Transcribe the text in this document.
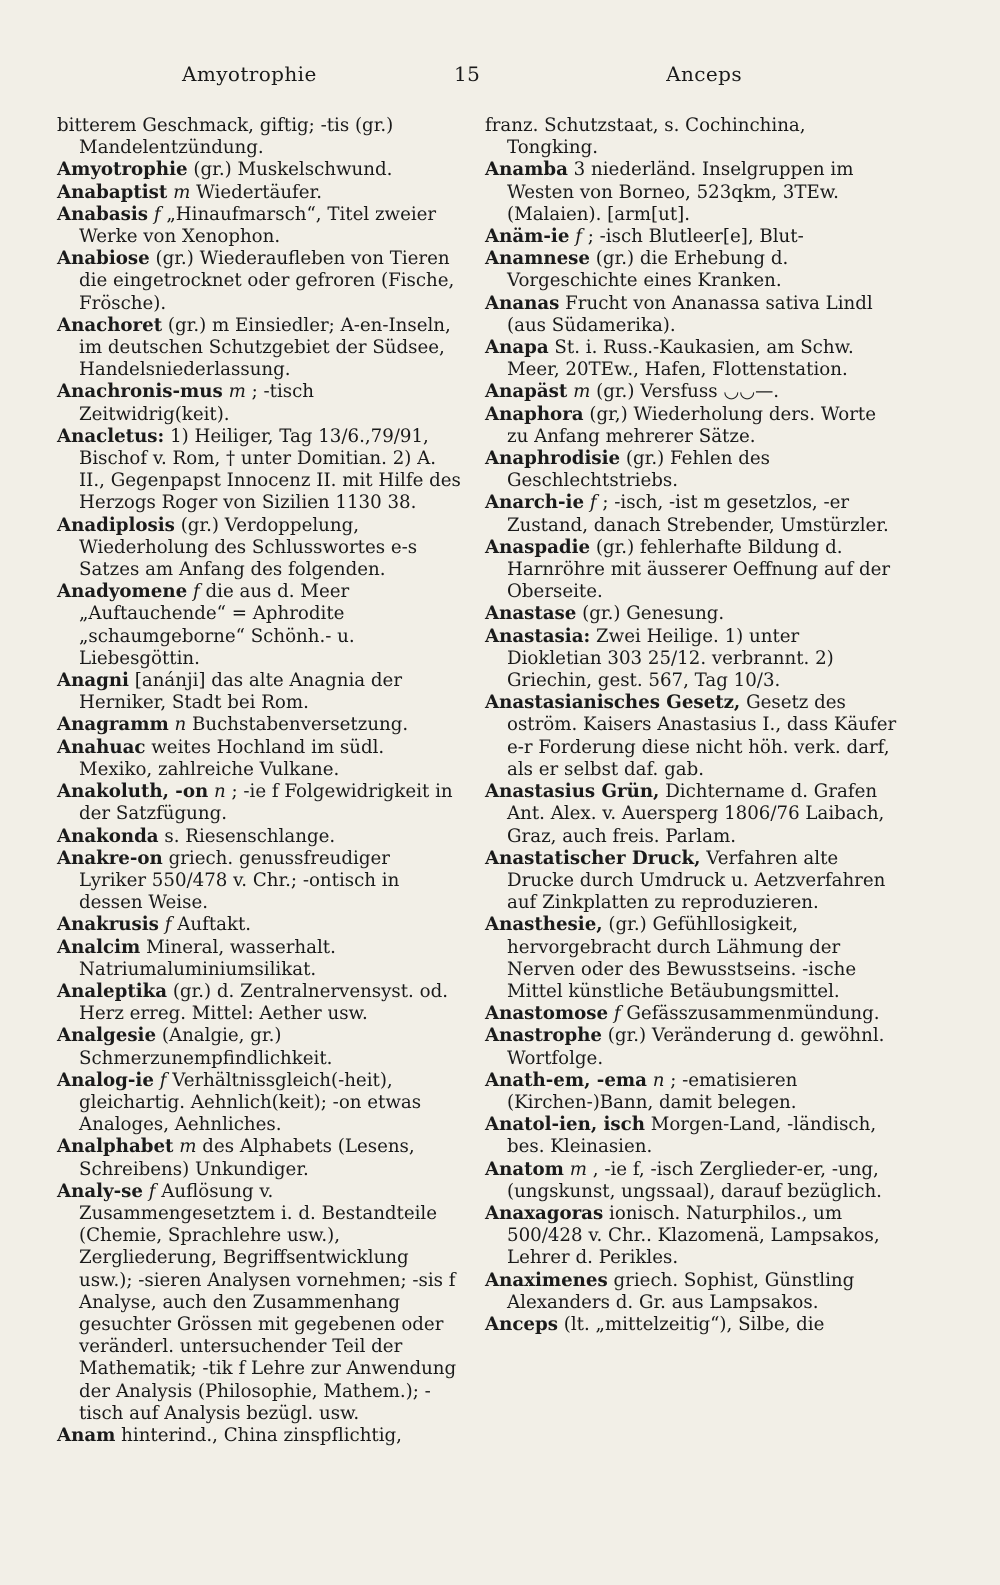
Amyotrophie	15	Anceps

bitterem Geschmack, giftig; -tis (gr.) Mandelentzündung.

Amyotrophie (gr.) Muskelschwund.

Anabaptist m Wiedertäufer.

Anabasis f „Hinaufmarsch“, Titel zweier Werke von Xenophon.

Anabiose (gr.) Wiederaufleben von Tieren die eingetrocknet oder gefroren (Fische, Frösche).

Anachoret (gr.) m Einsiedler; A-en-Inseln, im deutschen Schutzgebiet der Südsee, Handelsniederlassung.

Anachronis-mus m ; -tisch Zeitwidrig(keit).

Anacletus: 1) Heiliger, Tag 13/6.,79/91, Bischof v. Rom, † unter Domitian. 2) A. II., Gegenpapst Innocenz II. mit Hilfe des Herzogs Roger von Sizilien 1130 38.

Anadiplosis (gr.) Verdoppelung, Wiederholung des Schlusswortes e-s Satzes am Anfang des folgenden.

Anadyomene f die aus d. Meer „Auftauchende“ = Aphrodite „schaumgeborne“ Schönh.- u. Liebesgöttin.

Anagni [anánji] das alte Anagnia der Herniker, Stadt bei Rom.

Anagramm n Buchstabenversetzung.

Anahuac weites Hochland im südl. Mexiko, zahlreiche Vulkane.

Anakoluth, -on n ; -ie f Folgewidrigkeit in der Satzfügung.

Anakonda s. Riesenschlange.

Anakre-on griech. genussfreudiger Lyriker 550/478 v. Chr.; -ontisch in dessen Weise.

Anakrusis f Auftakt.

Analcim Mineral, wasserhalt. Natriumaluminiumsilikat.

Analeptika (gr.) d. Zentralnervensyst. od. Herz erreg. Mittel: Aether usw.

Analgesie (Analgie, gr.) Schmerzunempfindlichkeit.

Analog-ie f Verhältnissgleich(-heit), gleichartig. Aehnlich(keit); -on etwas Analoges, Aehnliches.

Analphabet m des Alphabets (Lesens, Schreibens) Unkundiger.

Analy-se f Auflösung v. Zusammengesetztem i. d. Bestandteile (Chemie, Sprachlehre usw.), Zergliederung, Begriffsentwicklung usw.); -sieren Analysen vornehmen; -sis f Analyse, auch den Zusammenhang gesuchter Grössen mit gegebenen oder veränderl. untersuchender Teil der Mathematik; -tik f Lehre zur Anwendung der Analysis (Philosophie, Mathem.); -tisch auf Analysis bezügl. usw.

Anam hinterind., China zinspflichtig,

franz. Schutzstaat, s. Cochinchina, Tongking.

Anamba 3 niederländ. Inselgruppen im Westen von Borneo, 523qkm, 3TEw. (Malaien). [arm[ut].

Anäm-ie f ; -isch Blutleer[e], Blut-

Anamnese (gr.) die Erhebung d. Vorgeschichte eines Kranken.

Ananas Frucht von Ananassa sativa Lindl (aus Südamerika).

Anapa St. i. Russ.-Kaukasien, am Schw. Meer, 20TEw., Hafen, Flottenstation.

Anapäst m (gr.) Versfuss ◡◡—.

Anaphora (gr,) Wiederholung ders. Worte zu Anfang mehrerer Sätze.

Anaphrodisie (gr.) Fehlen des Geschlechtstriebs.

Anarch-ie f ; -isch, -ist m gesetzlos, -er Zustand, danach Strebender, Umstürzler.

Anaspadie (gr.) fehlerhafte Bildung d. Harnröhre mit äusserer Oeffnung auf der Oberseite.

Anastase (gr.) Genesung.

Anastasia: Zwei Heilige. 1) unter Diokletian 303 25/12. verbrannt. 2) Griechin, gest. 567, Tag 10/3.

Anastasianisches Gesetz, Gesetz des oström. Kaisers Anastasius I., dass Käufer e-r Forderung diese nicht höh. verk. darf, als er selbst daf. gab.

Anastasius Grün, Dichtername d. Grafen Ant. Alex. v. Auersperg 1806/76 Laibach, Graz, auch freis. Parlam.

Anastatischer Druck, Verfahren alte Drucke durch Umdruck u. Aetzverfahren auf Zinkplatten zu reproduzieren.

Anasthesie, (gr.) Gefühllosigkeit, hervorgebracht durch Lähmung der Nerven oder des Bewusstseins. -ische Mittel künstliche Betäubungsmittel.

Anastomose f Gefässzusammenmündung.

Anastrophe (gr.) Veränderung d. gewöhnl. Wortfolge.

Anath-em, -ema n ; -ematisieren (Kirchen-)Bann, damit belegen.

Anatol-ien, isch Morgen-Land, -ländisch, bes. Kleinasien.

Anatom m , -ie f, -isch Zerglieder-er, -ung, (ungskunst, ungssaal), darauf bezüglich.

Anaxagoras ionisch. Naturphilos., um 500/428 v. Chr.. Klazomenä, Lampsakos, Lehrer d. Perikles.

Anaximenes griech. Sophist, Günstling Alexanders d. Gr. aus Lampsakos.

Anceps (lt. „mittelzeitig“), Silbe, die
